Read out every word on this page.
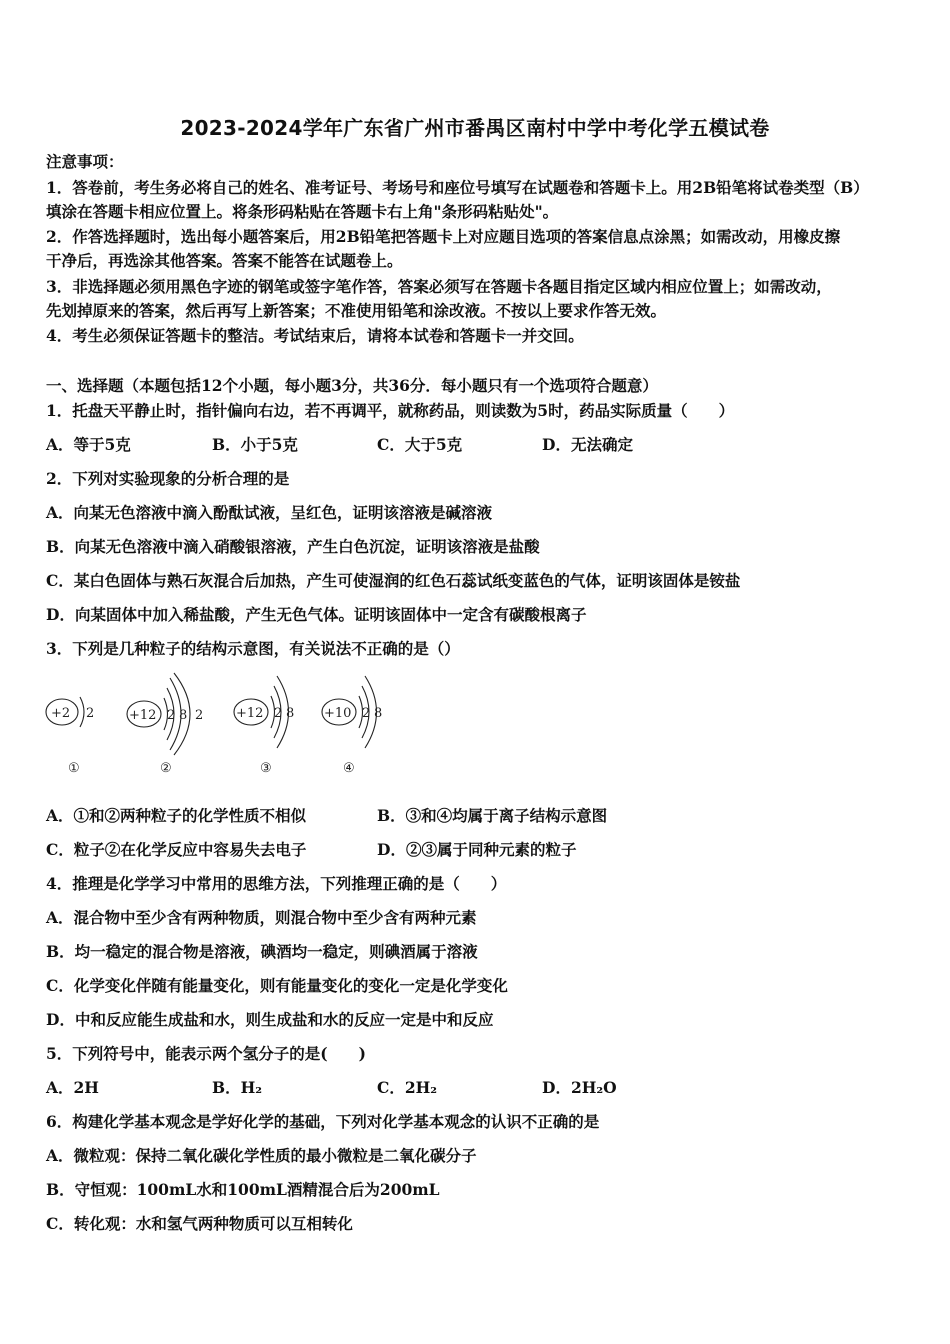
2023-2024学年广东省广州市番禺区南村中学中考化学五模试卷
注意事项：
1．答卷前，考生务必将自己的姓名、准考证号、考场号和座位号填写在试题卷和答题卡上。用2B铅笔将试卷类型（B）
填涂在答题卡相应位置上。将条形码粘贴在答题卡右上角"条形码粘贴处"。
2．作答选择题时，选出每小题答案后，用2B铅笔把答题卡上对应题目选项的答案信息点涂黑；如需改动，用橡皮擦
干净后，再选涂其他答案。答案不能答在试题卷上。
3．非选择题必须用黑色字迹的钢笔或签字笔作答，答案必须写在答题卡各题目指定区域内相应位置上；如需改动，
先划掉原来的答案，然后再写上新答案；不准使用铅笔和涂改液。不按以上要求作答无效。
4．考生必须保证答题卡的整洁。考试结束后，请将本试卷和答题卡一并交回。
一、选择题（本题包括12个小题，每小题3分，共36分．每小题只有一个选项符合题意）
1．托盘天平静止时，指针偏向右边，若不再调平，就称药品，则读数为5时，药品实际质量（　　）
A．等于5克	B．小于5克	C．大于5克	D．无法确定
2．下列对实验现象的分析合理的是
A．向某无色溶液中滴入酚酞试液，呈红色，证明该溶液是碱溶液
B．向某无色溶液中滴入硝酸银溶液，产生白色沉淀，证明该溶液是盐酸
C．某白色固体与熟石灰混合后加热，产生可使湿润的红色石蕊试纸变蓝色的气体，证明该固体是铵盐
D．向某固体中加入稀盐酸，产生无色气体。证明该固体中一定含有碳酸根离子
3．下列是几种粒子的结构示意图，有关说法不正确的是（）
+2 2
①
+12 2 8 2
②
+12 2 8
③
+10 2 8
④
A．①和②两种粒子的化学性质不相似	B．③和④均属于离子结构示意图
C．粒子②在化学反应中容易失去电子	D．②③属于同种元素的粒子
4．推理是化学学习中常用的思维方法，下列推理正确的是（　　）
A．混合物中至少含有两种物质，则混合物中至少含有两种元素
B．均一稳定的混合物是溶液，碘酒均一稳定，则碘酒属于溶液
C．化学变化伴随有能量变化，则有能量变化的变化一定是化学变化
D．中和反应能生成盐和水，则生成盐和水的反应一定是中和反应
5．下列符号中，能表示两个氢分子的是(　　)
A．2H	B．H₂	C．2H₂	D．2H₂O
6．构建化学基本观念是学好化学的基础，下列对化学基本观念的认识不正确的是
A．微粒观：保持二氧化碳化学性质的最小微粒是二氧化碳分子
B．守恒观：100mL水和100mL酒精混合后为200mL
C．转化观：水和氢气两种物质可以互相转化
